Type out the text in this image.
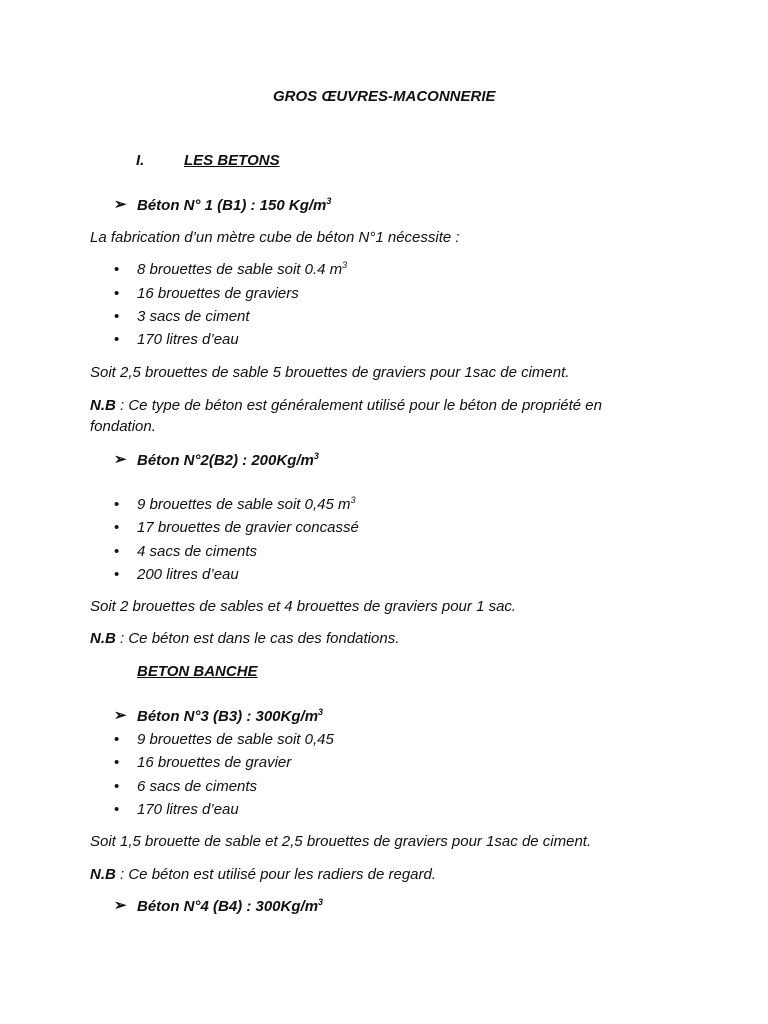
GROS ŒUVRES-MACONNERIE
I.	LES BETONS
➢ Béton N° 1 (B1) : 150 $Kg/m^3$
La fabrication d’un mètre cube de béton N°1 nécessite :
• 8 brouettes de sable soit 0.4 $m^3$
• 16 brouettes de graviers
• 3 sacs de ciment
• 170 litres d’eau
Soit 2,5 brouettes de sable 5 brouettes de graviers pour 1sac de ciment.
N.B : Ce type de béton est généralement utilisé pour le béton de propriété en
fondation.
➢ Béton N°2(B2) : $200Kg/m^3$
• 9 brouettes de sable soit 0,45 $m^3$
• 17 brouettes de gravier concassé
• 4 sacs de ciments
• 200 litres d’eau
Soit 2 brouettes de sables et 4 brouettes de graviers pour 1 sac.
N.B : Ce béton est dans le cas des fondations.
BETON BANCHE
➢ Béton N°3 (B3) : $300Kg/m^3$
• 9 brouettes de sable soit 0,45
• 16 brouettes de gravier
• 6 sacs de ciments
• 170 litres d’eau
Soit 1,5 brouette de sable et 2,5 brouettes de graviers pour 1sac de ciment.
N.B : Ce béton est utilisé pour les radiers de regard.
➢ Béton N°4 (B4) : $300Kg/m^3$
